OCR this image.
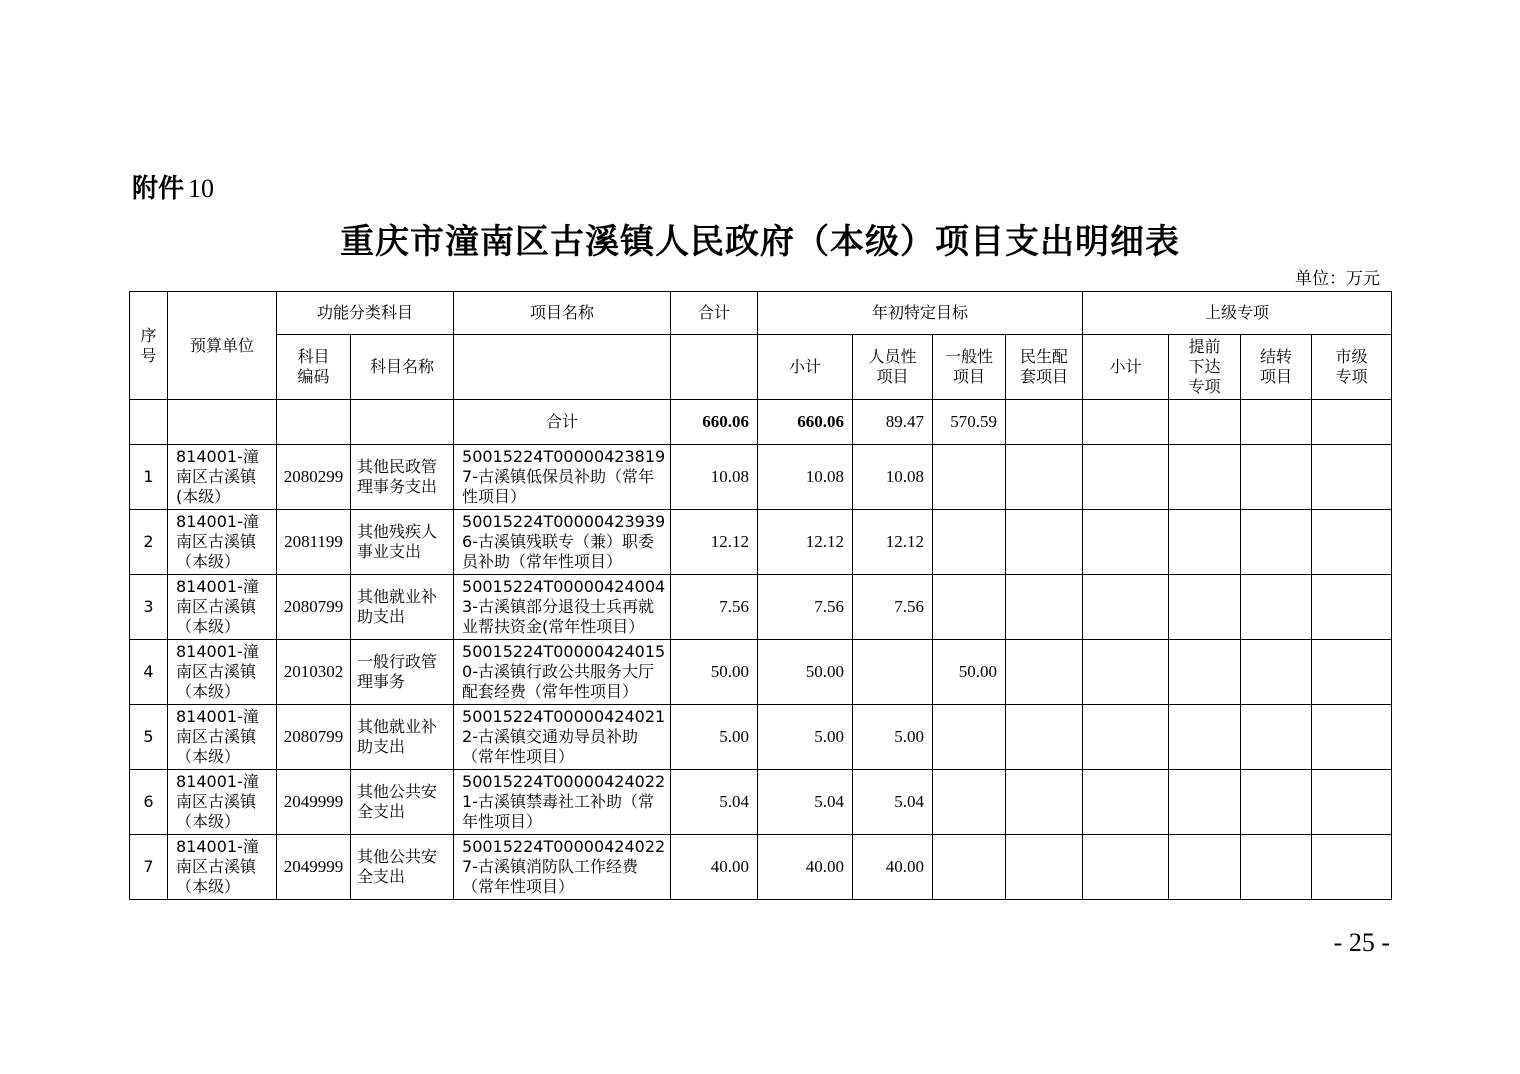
附件 10
重庆市潼南区古溪镇人民政府（本级）项目支出明细表
单位：万元
序号	预算单位	功能分类科目		项目名称	合计	年初特定目标				上级专项			
		科目编码	科目名称			小计	人员性项目	一般性项目	民生配套项目	小计	提前下达专项	结转项目	市级专项
				合计	660.06	660.06	89.47	570.59					
1	814001-潼南区古溪镇(本级）	2080299	其他民政管理事务支出	50015224T000004238197-古溪镇低保员补助（常年性项目）	10.08	10.08	10.08						
2	814001-潼南区古溪镇（本级）	2081199	其他残疾人事业支出	50015224T000004239396-古溪镇残联专（兼）职委员补助（常年性项目）	12.12	12.12	12.12						
3	814001-潼南区古溪镇（本级）	2080799	其他就业补助支出	50015224T000004240043-古溪镇部分退役士兵再就业帮扶资金(常年性项目）	7.56	7.56	7.56						
4	814001-潼南区古溪镇（本级）	2010302	一般行政管理事务	50015224T000004240150-古溪镇行政公共服务大厅配套经费（常年性项目）	50.00	50.00		50.00					
5	814001-潼南区古溪镇（本级）	2080799	其他就业补助支出	50015224T000004240212-古溪镇交通劝导员补助（常年性项目）	5.00	5.00	5.00						
6	814001-潼南区古溪镇（本级）	2049999	其他公共安全支出	50015224T000004240221-古溪镇禁毒社工补助（常年性项目）	5.04	5.04	5.04						
7	814001-潼南区古溪镇（本级）	2049999	其他公共安全支出	50015224T000004240227-古溪镇消防队工作经费（常年性项目）	40.00	40.00	40.00						
- 25 -
